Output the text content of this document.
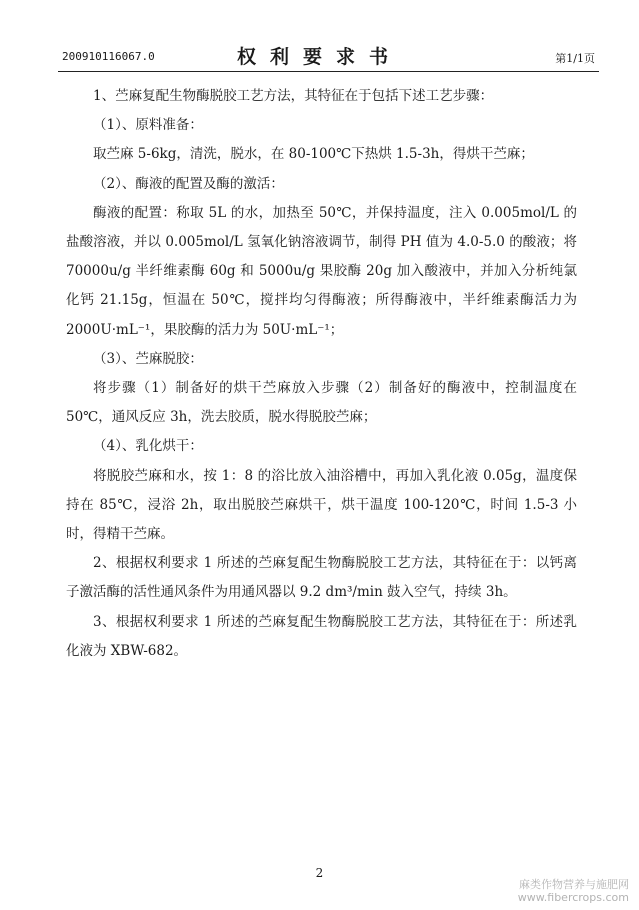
200910116067.0	权利要求书	第1/1页

1、苎麻复配生物酶脱胶工艺方法，其特征在于包括下述工艺步骤：

（1）、原料准备：

取苎麻 5-6kg，清洗，脱水，在 80-100℃下热烘 1.5-3h，得烘干苎麻；

（2）、酶液的配置及酶的激活：

酶液的配置：称取 5L 的水，加热至 50℃，并保持温度，注入 0.005mol/L 的 盐酸溶液，并以 0.005mol/L 氢氧化钠溶液调节，制得 PH 值为 4.0-5.0 的酸液；将 70000u/g 半纤维素酶 60g 和 5000u/g 果胶酶 20g 加入酸液中，并加入分析纯氯化钙 21.15g，恒温在 50℃，搅拌均匀得酶液；所得酶液中，半纤维素酶活力为 2000U·mL⁻¹，果胶酶的活力为 50U·mL⁻¹；

（3）、苎麻脱胶：

将步骤（1）制备好的烘干苎麻放入步骤（2）制备好的酶液中，控制温度在 50℃，通风反应 3h，洗去胶质，脱水得脱胶苎麻；

（4）、乳化烘干：

将脱胶苎麻和水，按 1：8 的浴比放入油浴槽中，再加入乳化液 0.05g，温度保持在 85℃，浸浴 2h，取出脱胶苎麻烘干，烘干温度 100-120℃，时间 1.5-3 小时，得精干苎麻。

2、根据权利要求 1 所述的苎麻复配生物酶脱胶工艺方法，其特征在于：以钙离子激活酶的活性通风条件为用通风器以 9.2 dm³/min 鼓入空气，持续 3h。

3、根据权利要求 1 所述的苎麻复配生物酶脱胶工艺方法，其特征在于：所述乳化液为 XBW-682。

2
麻类作物营养与施肥网
www.fibercrops.com
